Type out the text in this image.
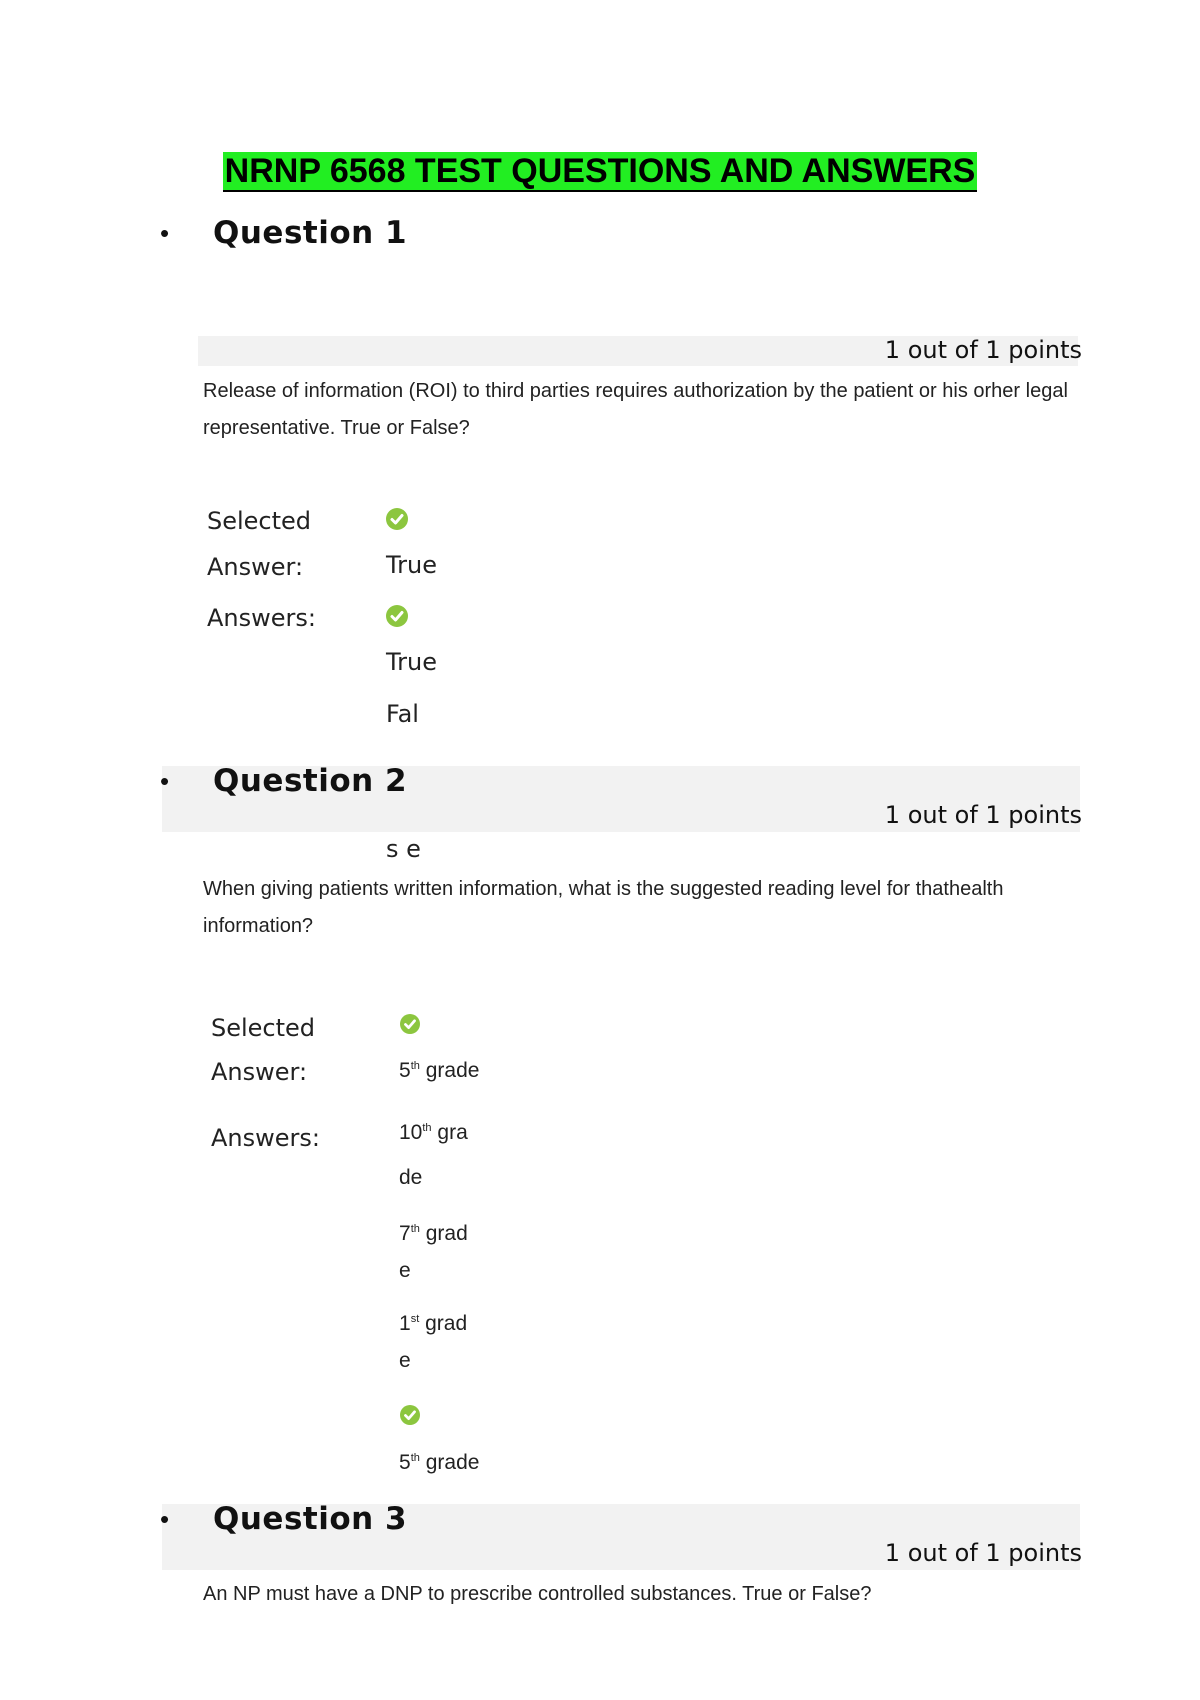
NRNP 6568 TEST QUESTIONS AND ANSWERS
• Question 1
1 out of 1 points
Release of information (ROI) to third parties requires authorization by the patient or his orher legal representative. True or False?
Selected
Answer:	True
Answers:
True
Fal
• Question 2
1 out of 1 points
s e
When giving patients written information, what is the suggested reading level for thathealth information?
Selected
Answer:	5th grade
Answers:	10th gra
de
7th grad
e
1st grad
e
5th grade
• Question 3
1 out of 1 points
An NP must have a DNP to prescribe controlled substances. True or False?
